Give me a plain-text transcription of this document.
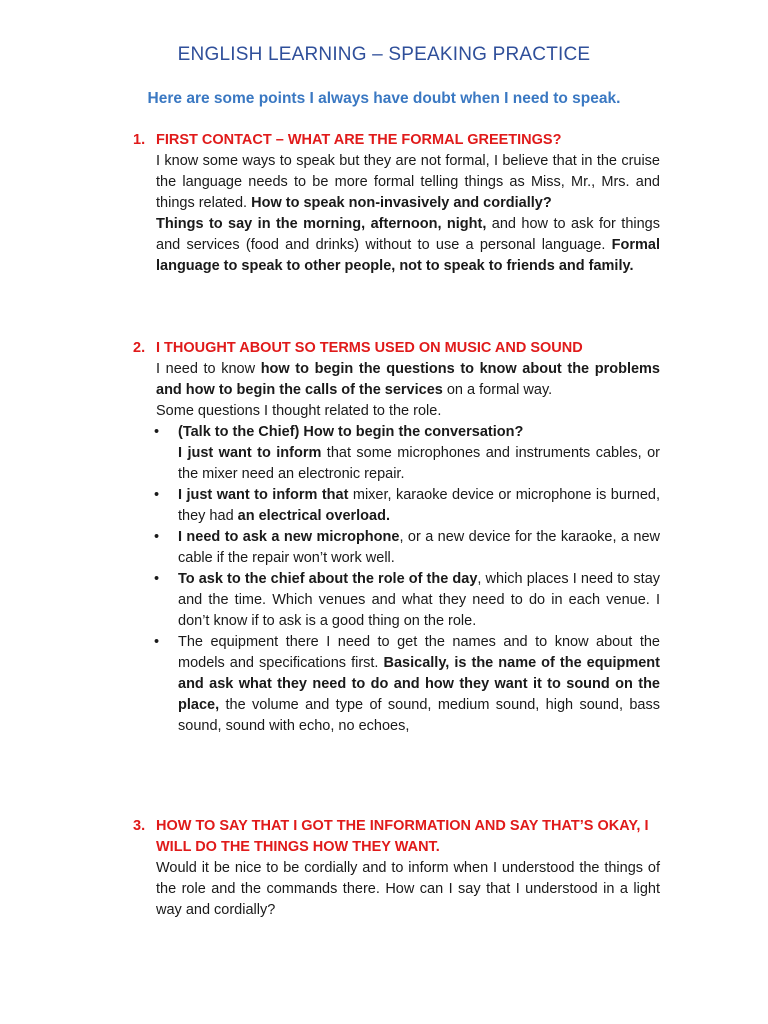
ENGLISH LEARNING – SPEAKING PRACTICE
Here are some points I always have doubt when I need to speak.
1. FIRST CONTACT – WHAT ARE THE FORMAL GREETINGS?

I know some ways to speak but they are not formal, I believe that in the cruise the language needs to be more formal telling things as Miss, Mr., Mrs. and things related. How to speak non-invasively and cordially?

Things to say in the morning, afternoon, night, and how to ask for things and services (food and drinks) without to use a personal language. Formal language to speak to other people, not to speak to friends and family.

2. I THOUGHT ABOUT SO TERMS USED ON MUSIC AND SOUND

I need to know how to begin the questions to know about the problems and how to begin the calls of the services on a formal way.

Some questions I thought related to the role.

• (Talk to the Chief) How to begin the conversation?
I just want to inform that some microphones and instruments cables, or the mixer need an electronic repair.
• I just want to inform that mixer, karaoke device or microphone is burned, they had an electrical overload.
• I need to ask a new microphone, or a new device for the karaoke, a new cable if the repair won’t work well.
• To ask to the chief about the role of the day, which places I need to stay and the time. Which venues and what they need to do in each venue. I don’t know if to ask is a good thing on the role.
• The equipment there I need to get the names and to know about the models and specifications first. Basically, is the name of the equipment and ask what they need to do and how they want it to sound on the place, the volume and type of sound, medium sound, high sound, bass sound, sound with echo, no echoes,
3. HOW TO SAY THAT I GOT THE INFORMATION AND SAY THAT’S OKAY, I WILL DO THE THINGS HOW THEY WANT.

Would it be nice to be cordially and to inform when I understood the things of the role and the commands there. How can I say that I understood in a light way and cordially?
